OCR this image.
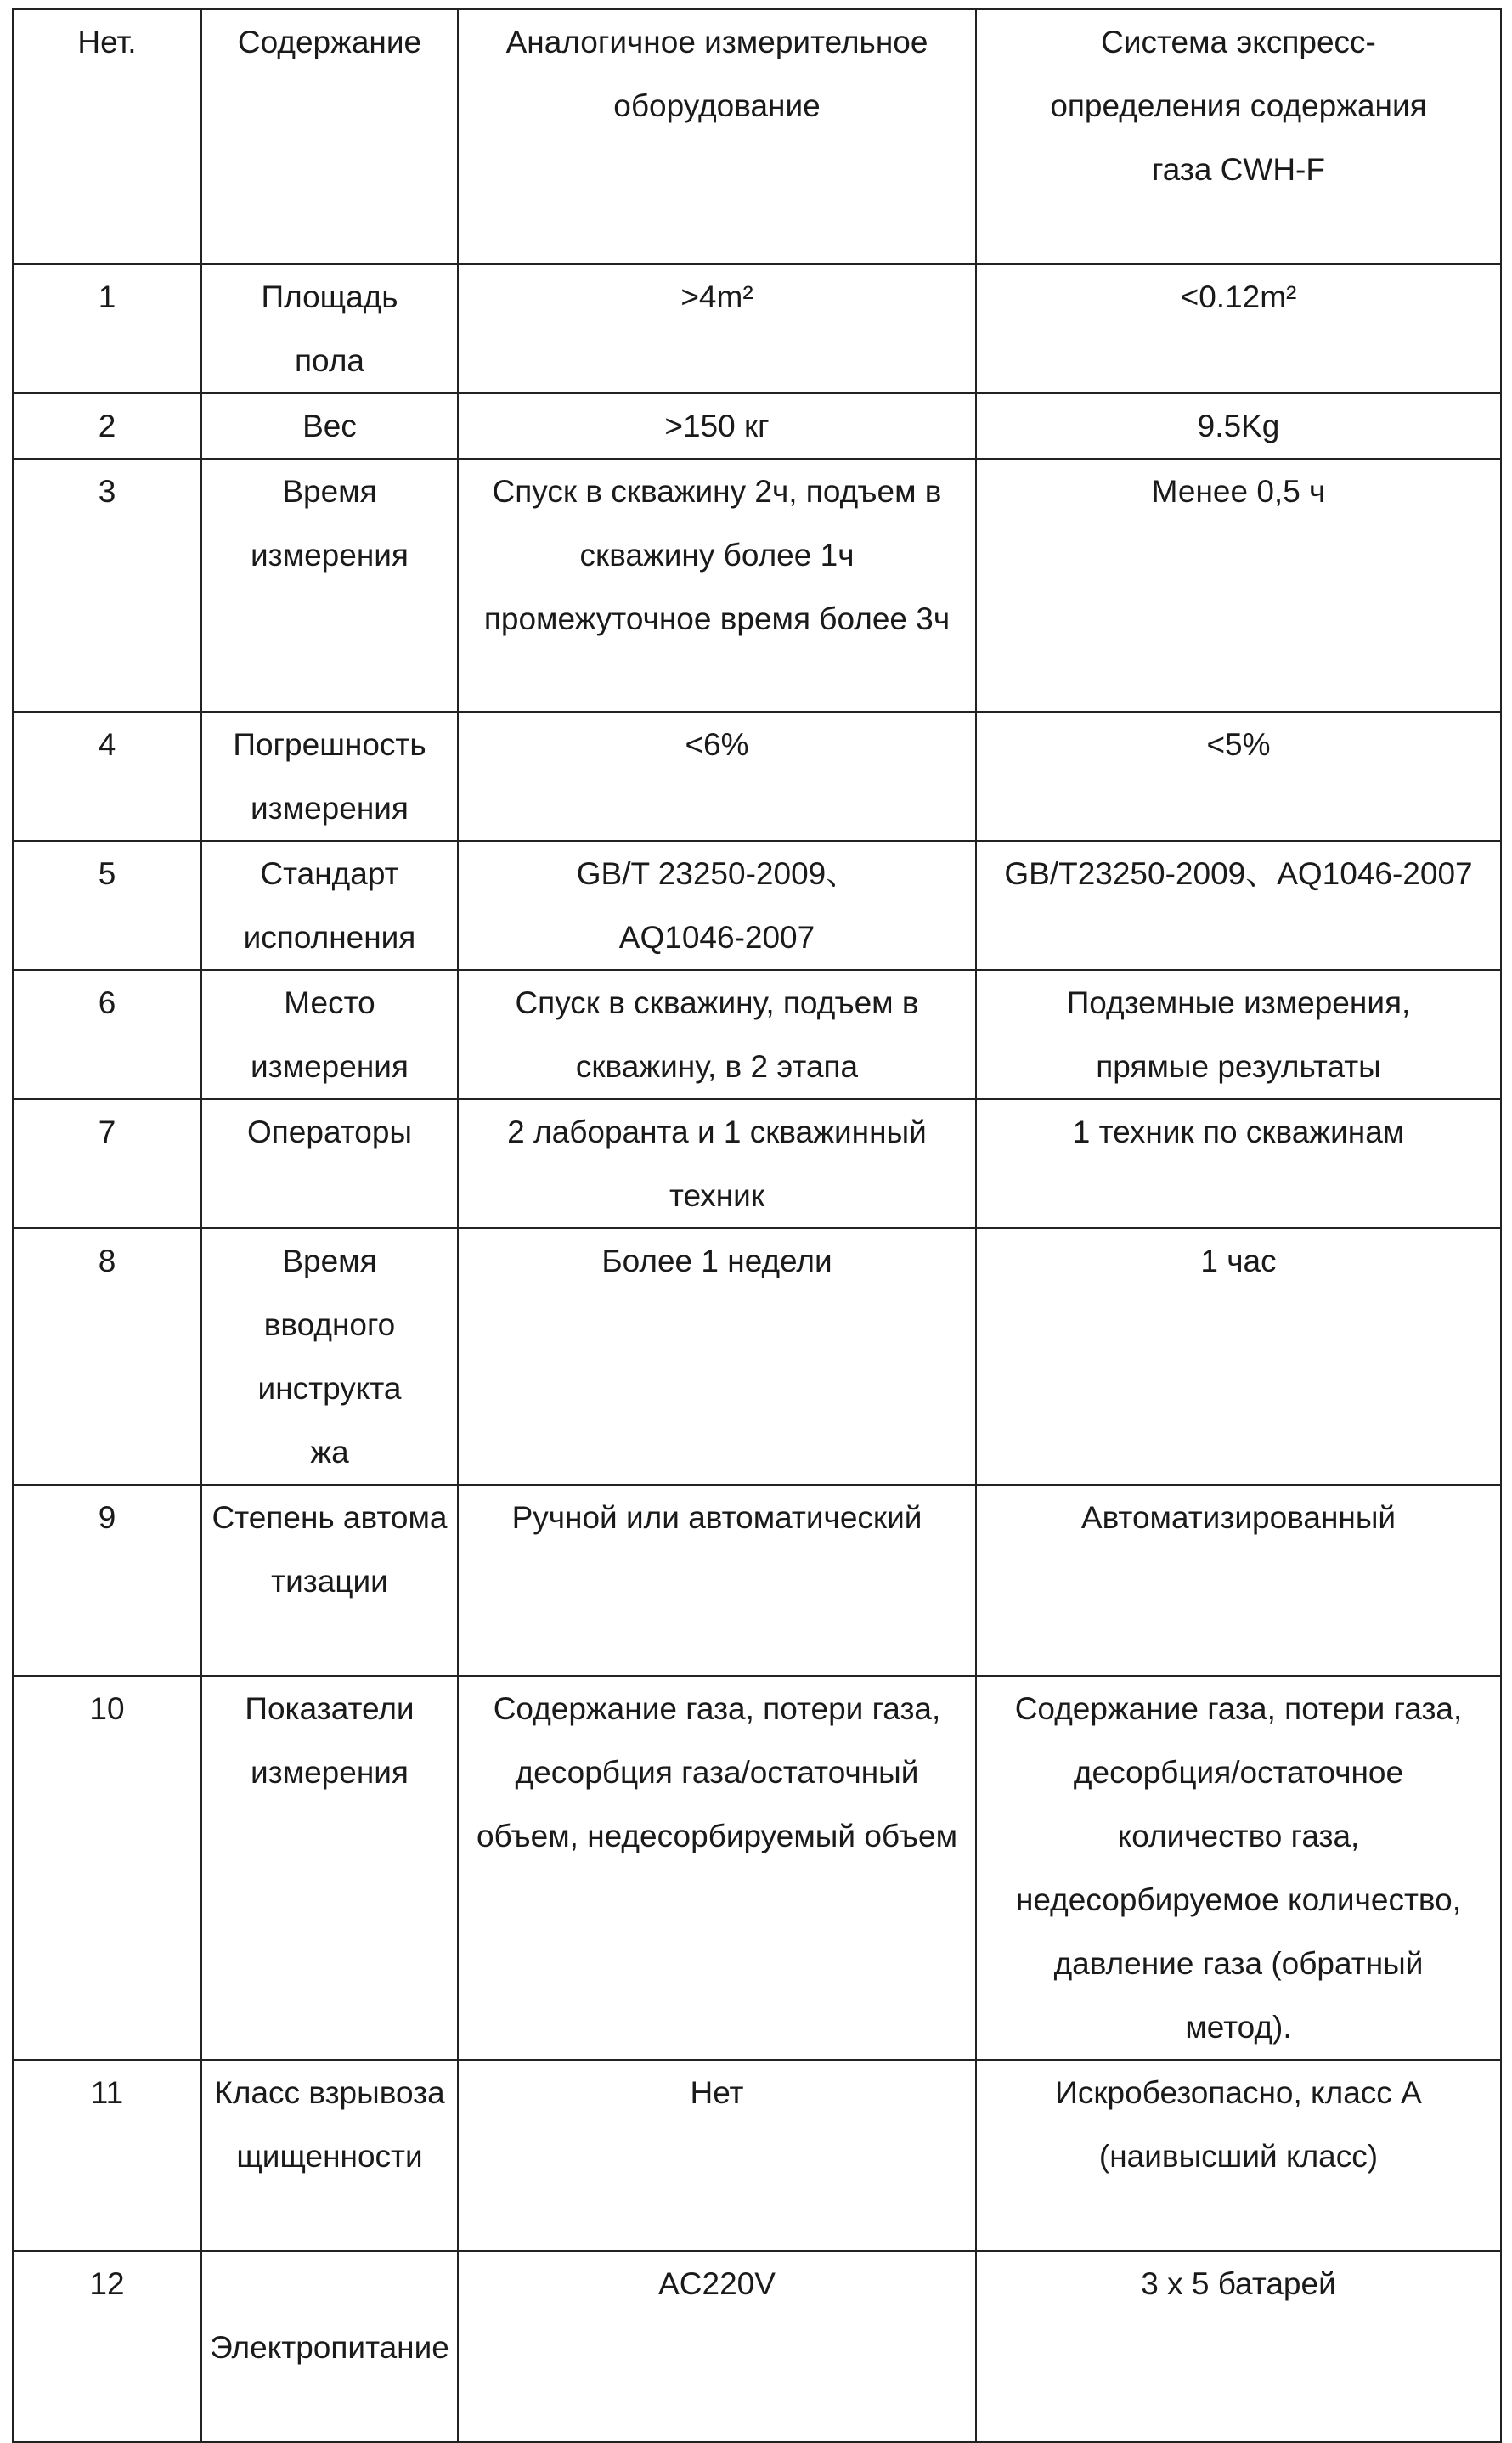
Нет.	Содержание	Аналогичное измерительное оборудование	Система экспресс-определения содержания газа CWH-F
1	Площадь пола	>4m²	<0.12m²
2	Вес	>150 кг	9.5Kg
3	Время измерения	Спуск в скважину 2ч, подъем в скважину более 1ч промежуточное время более 3ч	Менее 0,5 ч
4	Погрешность измерения	<6%	<5%
5	Стандарт исполнения	GB/T 23250-2009、AQ1046-2007	GB/T23250-2009、AQ1046-2007
6	Место измерения	Спуск в скважину, подъем в скважину, в 2 этапа	Подземные измерения, прямые результаты
7	Операторы	2 лаборанта и 1 скважинный техник	1 техник по скважинам
8	Время вводного инструктажа	Более 1 недели	1 час
9	Степень автоматизации	Ручной или автоматический	Автоматизированный
10	Показатели измерения	Содержание газа, потери газа, десорбция газа/остаточный объем, недесорбируемый объем	Содержание газа, потери газа, десорбция/остаточное количество газа, недесорбируемое количество, давление газа (обратный метод).
11	Класс взрывозащищенности	Нет	Искробезопасно, класс A (наивысший класс)
12	Электропитание	AC220V	3 x 5 батарей
